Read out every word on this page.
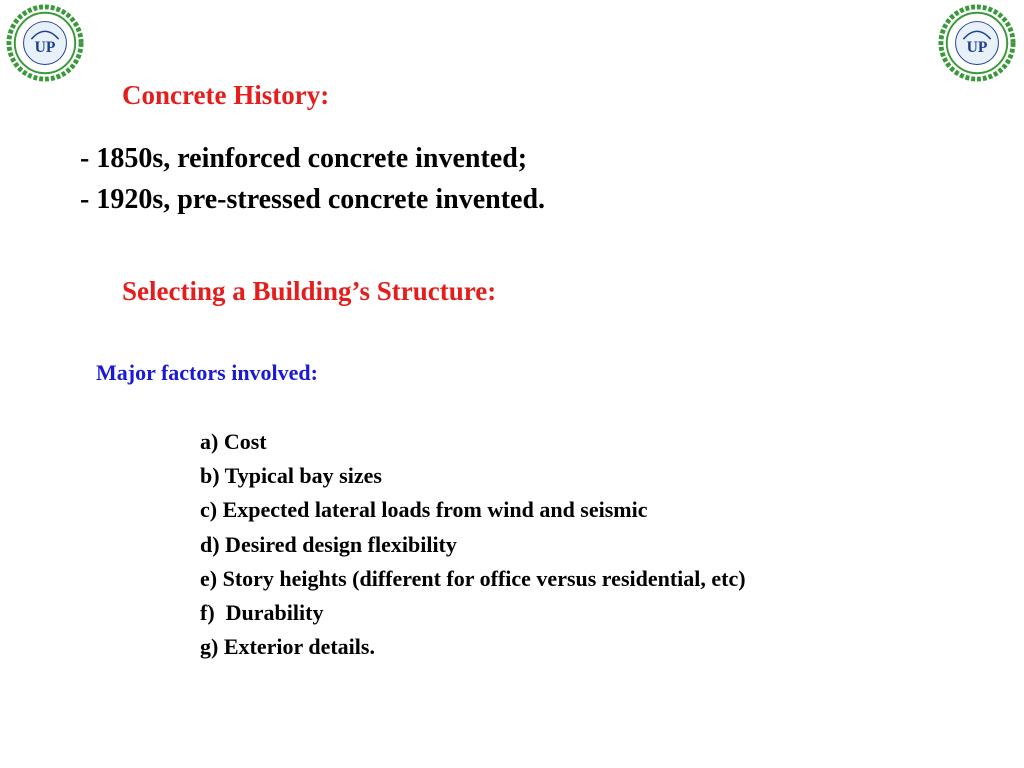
UP	UP
Concrete History:
- 1850s, reinforced concrete invented;
- 1920s, pre-stressed concrete invented.
Selecting a Building’s Structure:
Major factors involved:
a) Cost
b) Typical bay sizes
c) Expected lateral loads from wind and seismic
d) Desired design flexibility
e) Story heights (different for office versus residential, etc)
f)  Durability
g) Exterior details.
